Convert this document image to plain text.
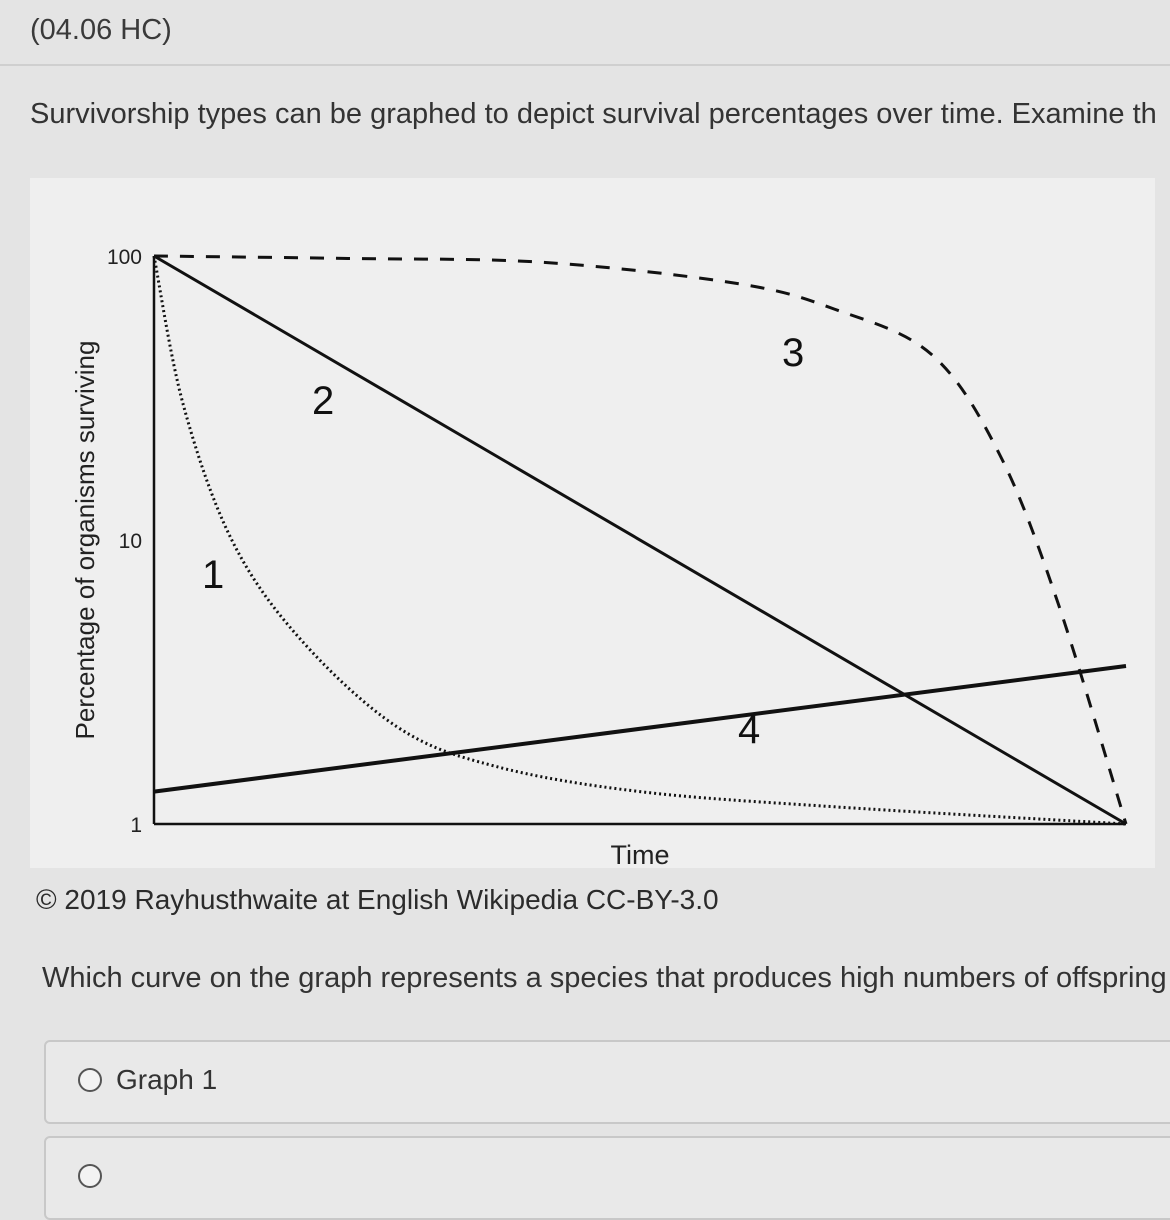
(04.06 HC)
Survivorship types can be graphed to depict survival percentages over time. Examine th
100
10
1
Time
Percentage of organisms surviving	1
2
3
4
© 2019 Rayhusthwaite at English Wikipedia CC-BY-3.0
Which curve on the graph represents a species that produces high numbers of offspring
Graph 1
